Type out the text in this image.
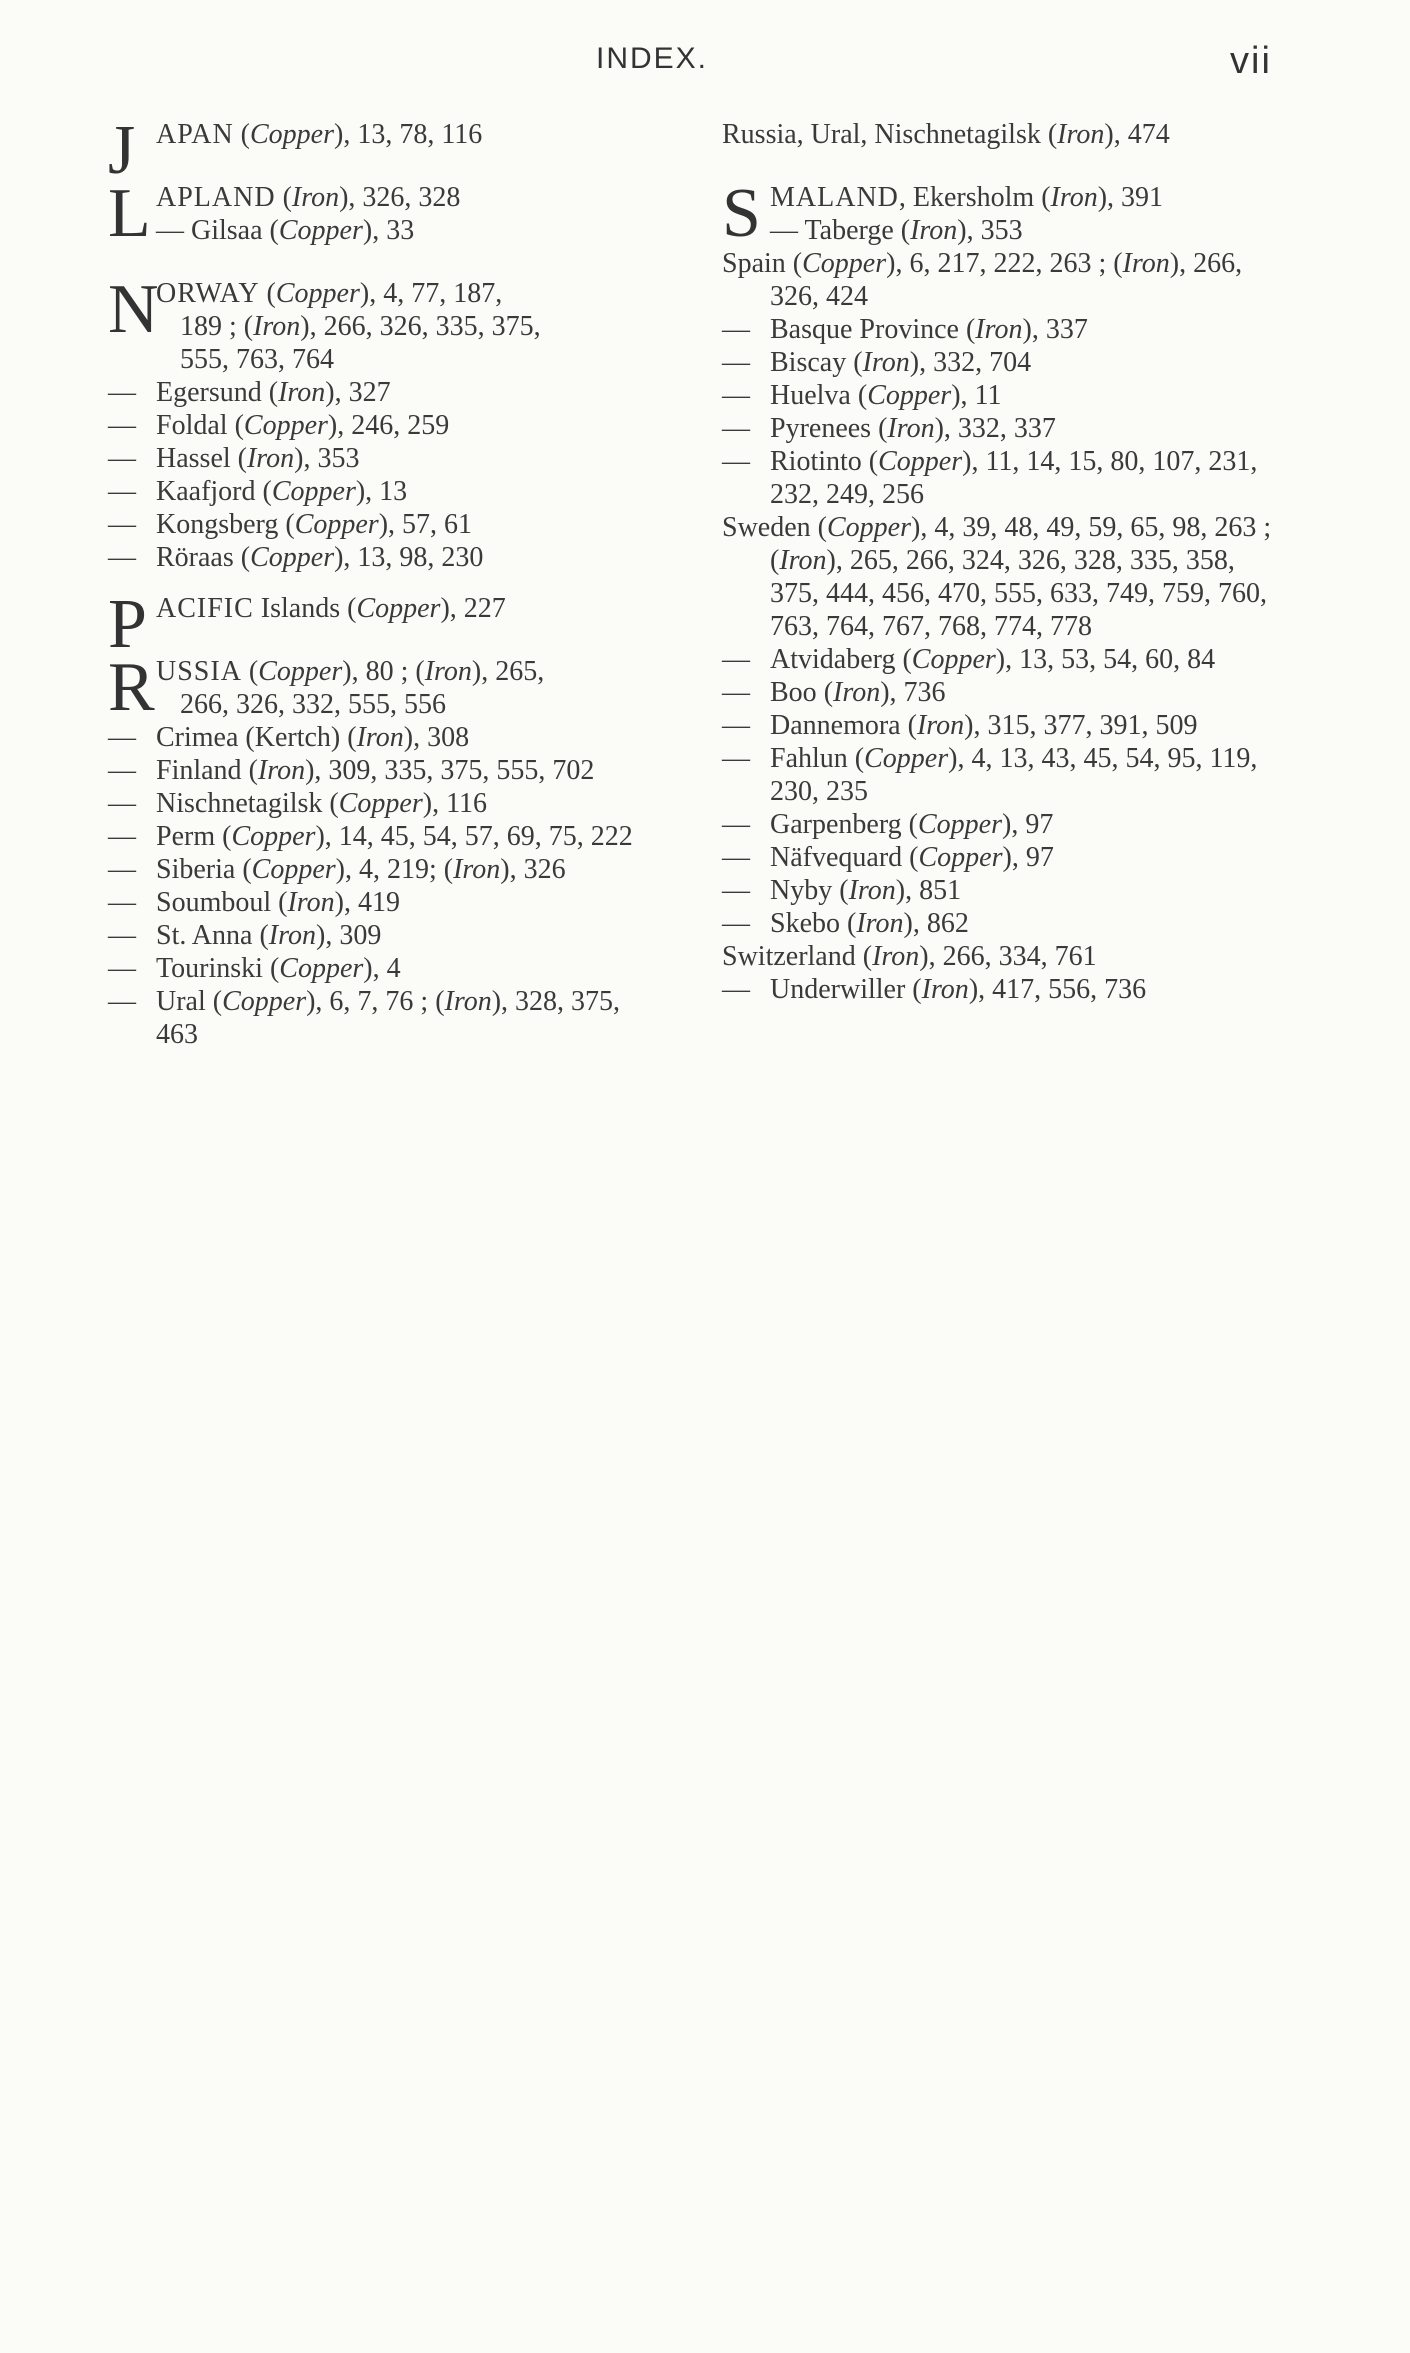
INDEX.	vii
J APAN (Copper), 13, 78, 116
L APLAND (Iron), 326, 328
— Gilsaa (Copper), 33
N
ORWAY (Copper), 4, 77, 187,
189 ; (Iron), 266, 326, 335, 375,
555, 763, 764
— Egersund (Iron), 327
— Foldal (Copper), 246, 259
— Hassel (Iron), 353
— Kaafjord (Copper), 13
— Kongsberg (Copper), 57, 61
— Röraas (Copper), 13, 98, 230
P ACIFIC Islands (Copper), 227
R USSIA (Copper), 80 ; (Iron), 265,
266, 326, 332, 555, 556
— Crimea (Kertch) (Iron), 308
— Finland (Iron), 309, 335, 375, 555, 702
— Nischnetagilsk (Copper), 116
— Perm (Copper), 14, 45, 54, 57, 69, 75, 222
— Siberia (Copper), 4, 219; (Iron), 326
— Soumboul (Iron), 419
— St. Anna (Iron), 309
— Tourinski (Copper), 4
— Ural (Copper), 6, 7, 76 ; (Iron), 328, 375, 463
Russia, Ural, Nischnetagilsk (Iron), 474
S MALAND, Ekersholm (Iron), 391
— Taberge (Iron), 353
Spain (Copper), 6, 217, 222, 263 ; (Iron), 266, 326, 424
— Basque Province (Iron), 337
— Biscay (Iron), 332, 704
— Huelva (Copper), 11
— Pyrenees (Iron), 332, 337
— Riotinto (Copper), 11, 14, 15, 80, 107, 231, 232, 249, 256
Sweden (Copper), 4, 39, 48, 49, 59, 65, 98, 263 ; (Iron), 265, 266, 324, 326, 328, 335, 358, 375, 444, 456, 470, 555, 633, 749, 759, 760, 763, 764, 767, 768, 774, 778
— Atvidaberg (Copper), 13, 53, 54, 60, 84
— Boo (Iron), 736
— Dannemora (Iron), 315, 377, 391, 509
— Fahlun (Copper), 4, 13, 43, 45, 54, 95, 119, 230, 235
— Garpenberg (Copper), 97
— Näfvequard (Copper), 97
— Nyby (Iron), 851
— Skebo (Iron), 862
Switzerland (Iron), 266, 334, 761
— Underwiller (Iron), 417, 556, 736
